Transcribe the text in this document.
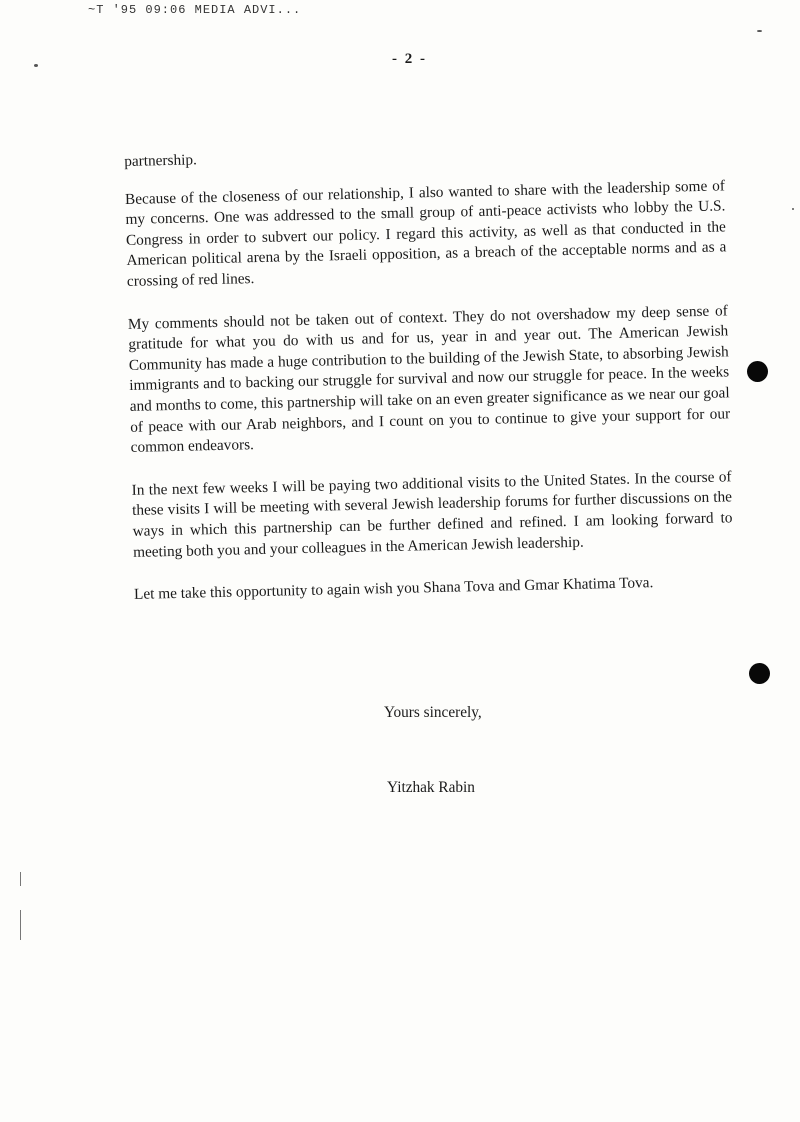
~T '95 09:06 MEDIA ADVI...
- 2 -

partnership.

Because of the closeness of our relationship, I also wanted to share with the leadership some of my concerns. One was addressed to the small group of anti-peace activists who lobby the U.S. Congress in order to subvert our policy. I regard this activity, as well as that conducted in the American political arena by the Israeli opposition, as a breach of the acceptable norms and as a crossing of red lines.

My comments should not be taken out of context. They do not overshadow my deep sense of gratitude for what you do with us and for us, year in and year out. The American Jewish Community has made a huge contribution to the building of the Jewish State, to absorbing Jewish immigrants and to backing our struggle for survival and now our struggle for peace. In the weeks and months to come, this partnership will take on an even greater significance as we near our goal of peace with our Arab neighbors, and I count on you to continue to give your support for our common endeavors.

In the next few weeks I will be paying two additional visits to the United States. In the course of these visits I will be meeting with several Jewish leadership forums for further discussions on the ways in which this partnership can be further defined and refined. I am looking forward to meeting both you and your colleagues in the American Jewish leadership.

Let me take this opportunity to again wish you Shana Tova and Gmar Khatima Tova.

Yours sincerely,
Yitzhak Rabin
